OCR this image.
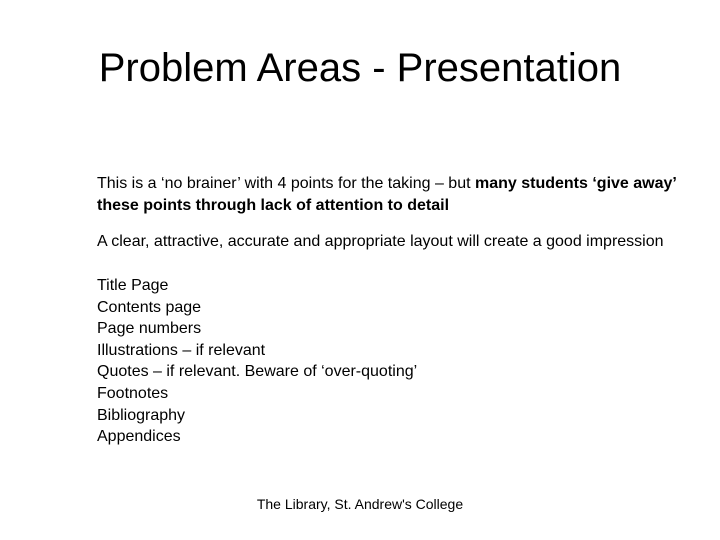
Problem Areas - Presentation

This is a ‘no brainer’ with 4 points for the taking – but many students ‘give away’ these points through lack of attention to detail

A clear, attractive, accurate and appropriate layout will create a good impression

Title Page
Contents page
Page numbers
Illustrations – if relevant
Quotes – if relevant. Beware of ‘over-quoting’
Footnotes
Bibliography
Appendices
The Library, St. Andrew's College
